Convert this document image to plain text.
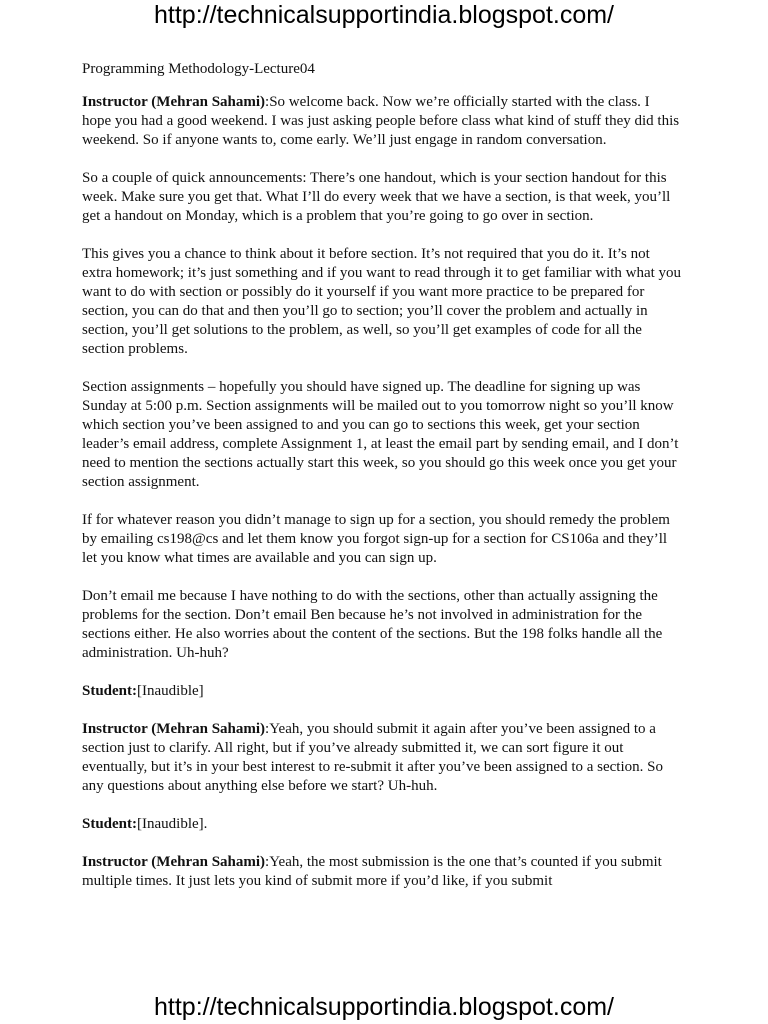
http://technicalsupportindia.blogspot.com/
Programming Methodology-Lecture04

Instructor (Mehran Sahami):So welcome back. Now we’re officially started with the class. I hope you had a good weekend. I was just asking people before class what kind of stuff they did this weekend. So if anyone wants to, come early. We’ll just engage in random conversation.

So a couple of quick announcements: There’s one handout, which is your section handout for this week. Make sure you get that. What I’ll do every week that we have a section, is that week, you’ll get a handout on Monday, which is a problem that you’re going to go over in section.

This gives you a chance to think about it before section. It’s not required that you do it. It’s not extra homework; it’s just something and if you want to read through it to get familiar with what you want to do with section or possibly do it yourself if you want more practice to be prepared for section, you can do that and then you’ll go to section; you’ll cover the problem and actually in section, you’ll get solutions to the problem, as well, so you’ll get examples of code for all the section problems.

Section assignments – hopefully you should have signed up. The deadline for signing up was Sunday at 5:00 p.m. Section assignments will be mailed out to you tomorrow night so you’ll know which section you’ve been assigned to and you can go to sections this week, get your section leader’s email address, complete Assignment 1, at least the email part by sending email, and I don’t need to mention the sections actually start this week, so you should go this week once you get your section assignment.

If for whatever reason you didn’t manage to sign up for a section, you should remedy the problem by emailing cs198@cs and let them know you forgot sign-up for a section for CS106a and they’ll let you know what times are available and you can sign up.

Don’t email me because I have nothing to do with the sections, other than actually assigning the problems for the section. Don’t email Ben because he’s not involved in administration for the sections either. He also worries about the content of the sections. But the 198 folks handle all the administration. Uh-huh?

Student:[Inaudible]

Instructor (Mehran Sahami):Yeah, you should submit it again after you’ve been assigned to a section just to clarify. All right, but if you’ve already submitted it, we can sort figure it out eventually, but it’s in your best interest to re-submit it after you’ve been assigned to a section. So any questions about anything else before we start? Uh-huh.

Student:[Inaudible].

Instructor (Mehran Sahami):Yeah, the most submission is the one that’s counted if you submit multiple times. It just lets you kind of submit more if you’d like, if you submit

http://technicalsupportindia.blogspot.com/
